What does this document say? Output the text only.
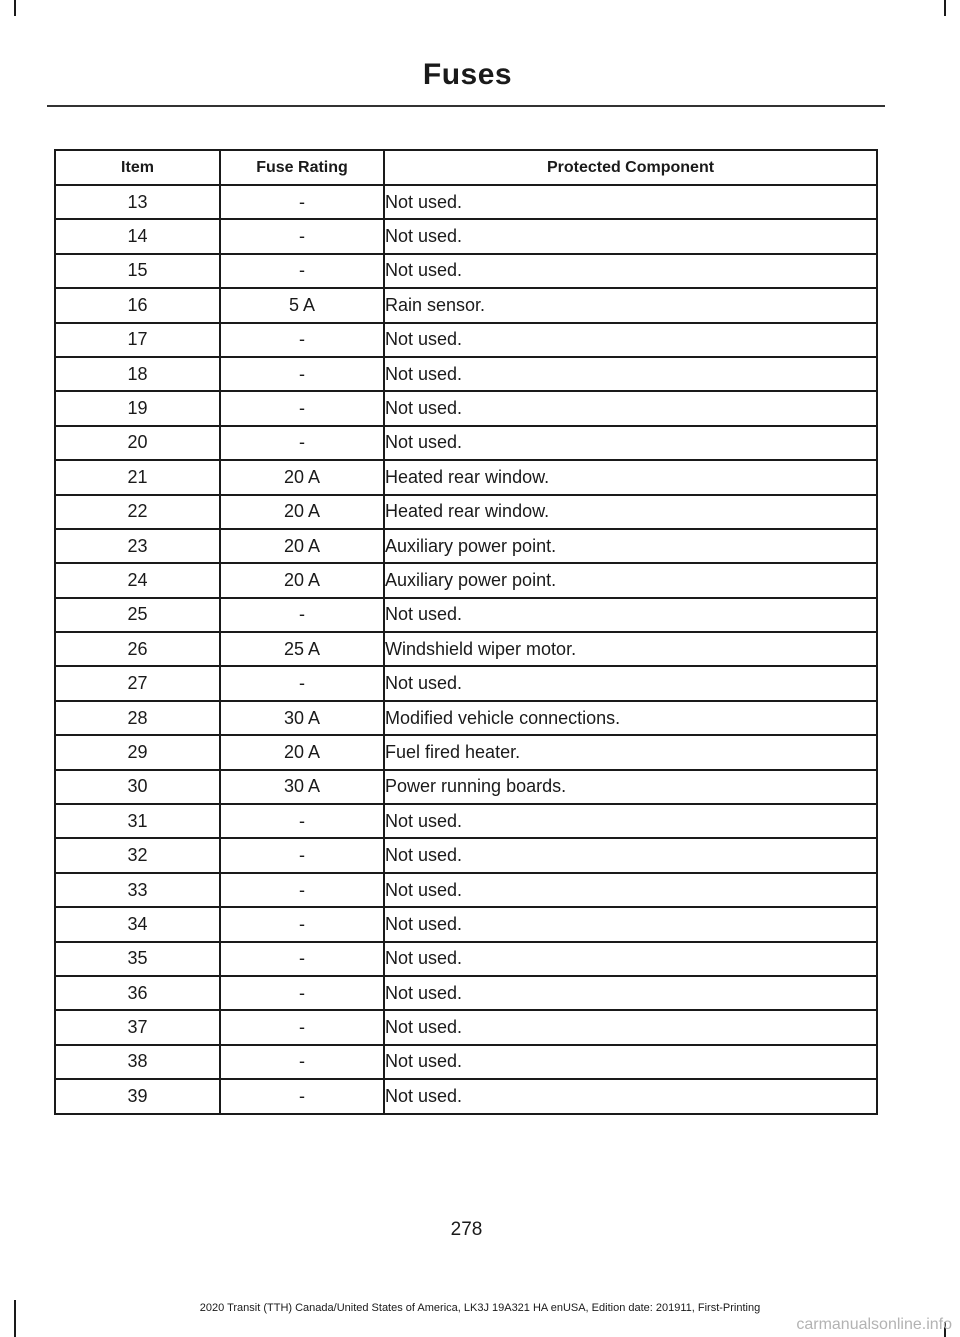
Fuses
Item	Fuse Rating	Protected Component
13	-	Not used.
14	-	Not used.
15	-	Not used.
16	5 A	Rain sensor.
17	-	Not used.
18	-	Not used.
19	-	Not used.
20	-	Not used.
21	20 A	Heated rear window.
22	20 A	Heated rear window.
23	20 A	Auxiliary power point.
24	20 A	Auxiliary power point.
25	-	Not used.
26	25 A	Windshield wiper motor.
27	-	Not used.
28	30 A	Modified vehicle connections.
29	20 A	Fuel fired heater.
30	30 A	Power running boards.
31	-	Not used.
32	-	Not used.
33	-	Not used.
34	-	Not used.
35	-	Not used.
36	-	Not used.
37	-	Not used.
38	-	Not used.
39	-	Not used.
278
2020 Transit (TTH) Canada/United States of America, LK3J 19A321 HA enUSA, Edition date: 201911, First-Printing
carmanualsonline.info
